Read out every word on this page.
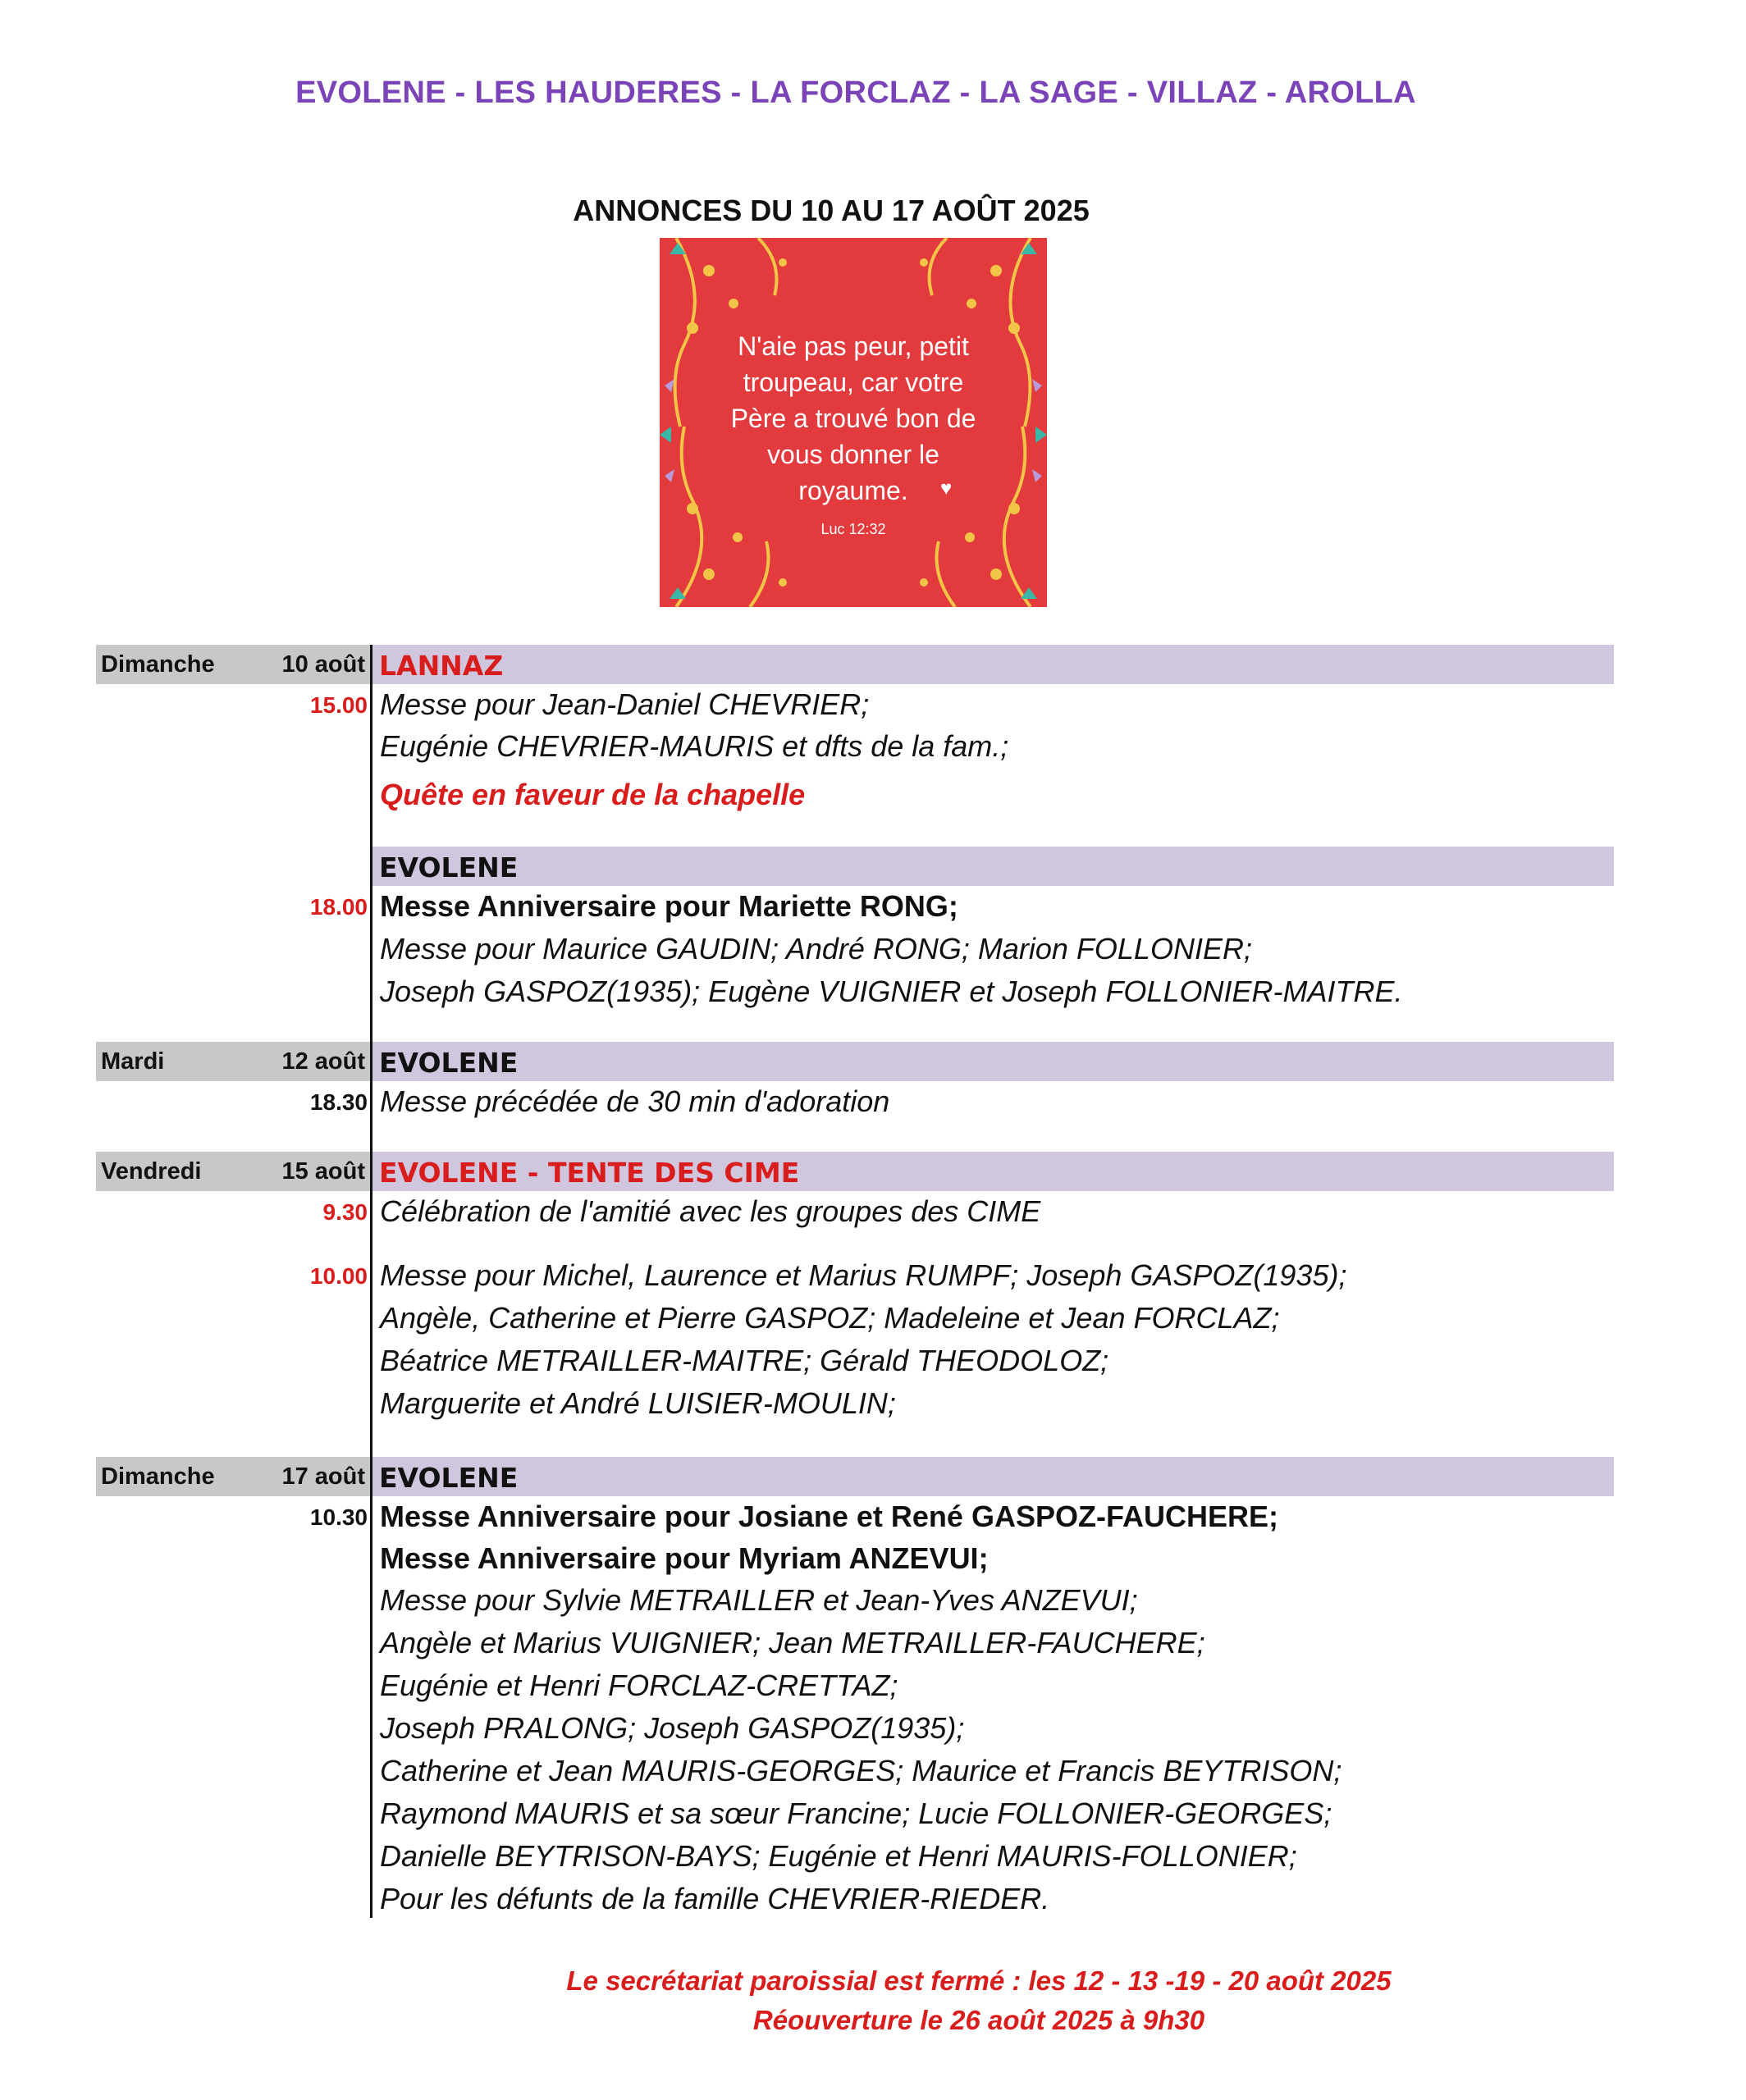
EVOLENE - LES HAUDERES - LA FORCLAZ - LA SAGE - VILLAZ - AROLLA
ANNONCES DU 10 AU 17 AOÛT 2025
N'aie pas peur, petit
troupeau, car votre
Père a trouvé bon de
vous donner le
royaume.	♥
Luc 12:32
Dimanche	10 août LANNAZ
15.00 Messe pour Jean-Daniel CHEVRIER;
Eugénie CHEVRIER-MAURIS et dfts de la fam.;
Quête en faveur de la chapelle
EVOLENE
18.00 Messe Anniversaire pour Mariette RONG;
Messe pour Maurice GAUDIN; André RONG; Marion FOLLONIER;
Joseph GASPOZ(1935); Eugène VUIGNIER et Joseph FOLLONIER-MAITRE.
Mardi	12 août EVOLENE
18.30 Messe précédée de 30 min d'adoration
Vendredi	15 août EVOLENE - TENTE DES CIME
9.30 Célébration de l'amitié avec les groupes des CIME
10.00 Messe pour Michel, Laurence et Marius RUMPF; Joseph GASPOZ(1935);
Angèle, Catherine et Pierre GASPOZ; Madeleine et Jean FORCLAZ;
Béatrice METRAILLER-MAITRE; Gérald THEODOLOZ;
Marguerite et André LUISIER-MOULIN;
Dimanche	17 août EVOLENE
10.30 Messe Anniversaire pour Josiane et René GASPOZ-FAUCHERE;
Messe Anniversaire pour Myriam ANZEVUI;
Messe pour Sylvie METRAILLER et Jean-Yves ANZEVUI;
Angèle et Marius VUIGNIER; Jean METRAILLER-FAUCHERE;
Eugénie et Henri FORCLAZ-CRETTAZ;
Joseph PRALONG; Joseph GASPOZ(1935);
Catherine et Jean MAURIS-GEORGES; Maurice et Francis BEYTRISON;
Raymond MAURIS et sa sœur Francine; Lucie FOLLONIER-GEORGES;
Danielle BEYTRISON-BAYS; Eugénie et Henri MAURIS-FOLLONIER;
Pour les défunts de la famille CHEVRIER-RIEDER.
Le secrétariat paroissial est fermé : les 12 - 13 -19 - 20 août 2025
Réouverture le 26 août 2025 à 9h30
